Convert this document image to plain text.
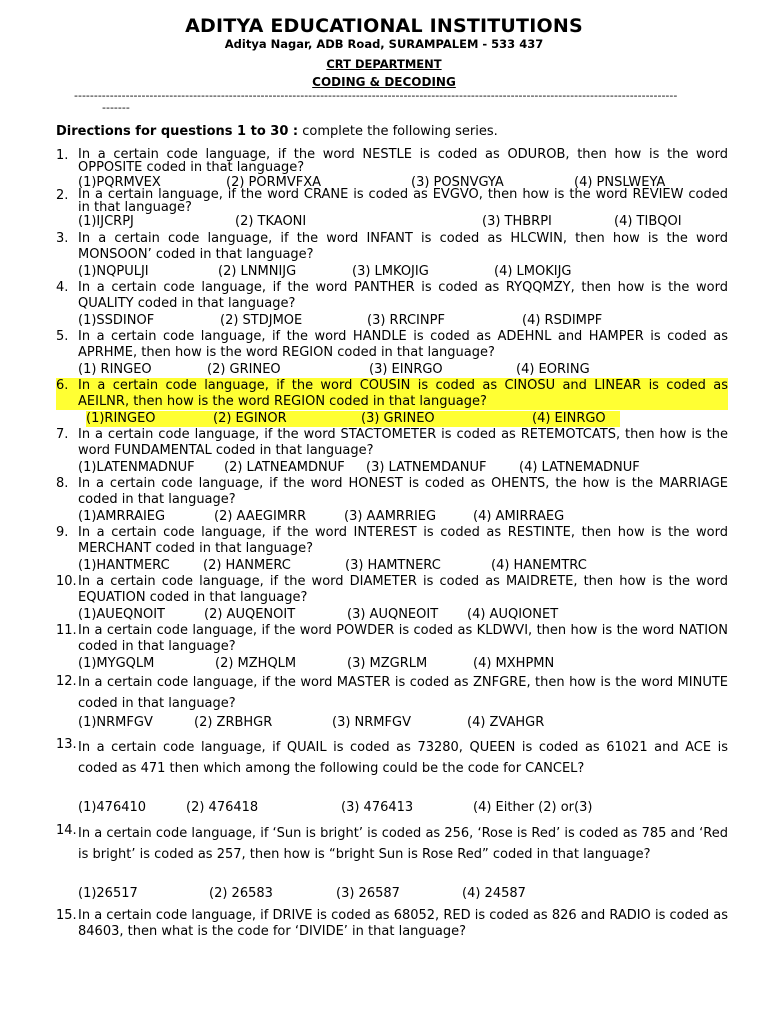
ADITYA EDUCATIONAL INSTITUTIONS
Aditya Nagar, ADB Road, SURAMPALEM - 533 437
CRT DEPARTMENT
CODING & DECODING
--------------------------------------------------------------------------------------------------------------------------------------------------------
-------
Directions for questions 1 to 30 : complete the following series.
1. In a certain code language, if the word NESTLE is coded as ODUROB, then how is the word OPPOSITE coded in that language?
(1)PQRMVEX	(2) PORMVFXA	(3) POSNVGYA	(4) PNSLWEYA
2. In a certain language, if the word CRANE is coded as EVGVO, then how is the word REVIEW coded in that language?
(1)IJCRPJ	(2) TKAONI	(3) THBRPI	(4) TIBQOI
3. In a certain code language, if the word INFANT is coded as HLCWIN, then how is the word MONSOON’ coded in that language?
(1)NQPULJI	(2) LNMNIJG	(3) LMKOJIG	(4) LMOKIJG
4. In a certain code language, if the word PANTHER is coded as RYQQMZY, then how is the word QUALITY coded in that language?
(1)SSDINOF	(2) STDJMOE	(3) RRCINPF	(4) RSDIMPF
5. In a certain code language, if the word HANDLE is coded as ADEHNL and HAMPER is coded as APRHME, then how is the word REGION coded in that language?
(1) RINGEO	(2) GRINEO	(3) EINRGO	(4) EORING
6. In a certain code language, if the word COUSIN is coded as CINOSU and LINEAR is coded as AEILNR, then how is the word REGION coded in that language?
(1)RINGEO	(2) EGINOR	(3) GRINEO	(4) EINRGO
7. In a certain code language, if the word STACTOMETER is coded as RETEMOTCATS, then how is the word FUNDAMENTAL coded in that language?
(1)LATENMADNUF (2) LATNEAMDNUF (3) LATNEMDANUF	(4) LATNEMADNUF
8. In a certain code language, if the word HONEST is coded as OHENTS, the how is the MARRIAGE coded in that language?
(1)AMRRAIEG	(2) AAEGIMRR	(3) AAMRRIEG	(4) AMIRRAEG
9. In a certain code language, if the word INTEREST is coded as RESTINTE, then how is the word MERCHANT coded in that language?
(1)HANTMERC	(2) HANMERC	(3) HAMTNERC	(4) HANEMTRC
10. In a certain code language, if the word DIAMETER is coded as MAIDRETE, then how is the word EQUATION coded in that language?
(1)AUEQNOIT	(2) AUQENOIT	(3) AUQNEOIT (4) AUQIONET
11. In a certain code language, if the word POWDER is coded as KLDWVI, then how is the word NATION coded in that language?
(1)MYGQLM	(2) MZHQLM	(3) MZGRLM	(4) MXHPMN
12. In a certain code language, if the word MASTER is coded as ZNFGRE, then how is the word MINUTE coded in that language?
(1)NRMFGV	(2) ZRBHGR	(3) NRMFGV	(4) ZVAHGR
13. In a certain code language, if QUAIL is coded as 73280, QUEEN is coded as 61021 and ACE is coded as 471 then which among the following could be the code for CANCEL?
(1)476410	(2) 476418	(3) 476413	(4) Either (2) or(3)
14. In a certain code language, if ‘Sun is bright’ is coded as 256, ‘Rose is Red’ is coded as 785 and ‘Red is bright’ is coded as 257, then how is “bright Sun is Rose Red” coded in that language?
(1)26517	(2) 26583	(3) 26587	(4) 24587
15. In a certain code language, if DRIVE is coded as 68052, RED is coded as 826 and RADIO is coded as 84603, then what is the code for ‘DIVIDE’ in that language?
